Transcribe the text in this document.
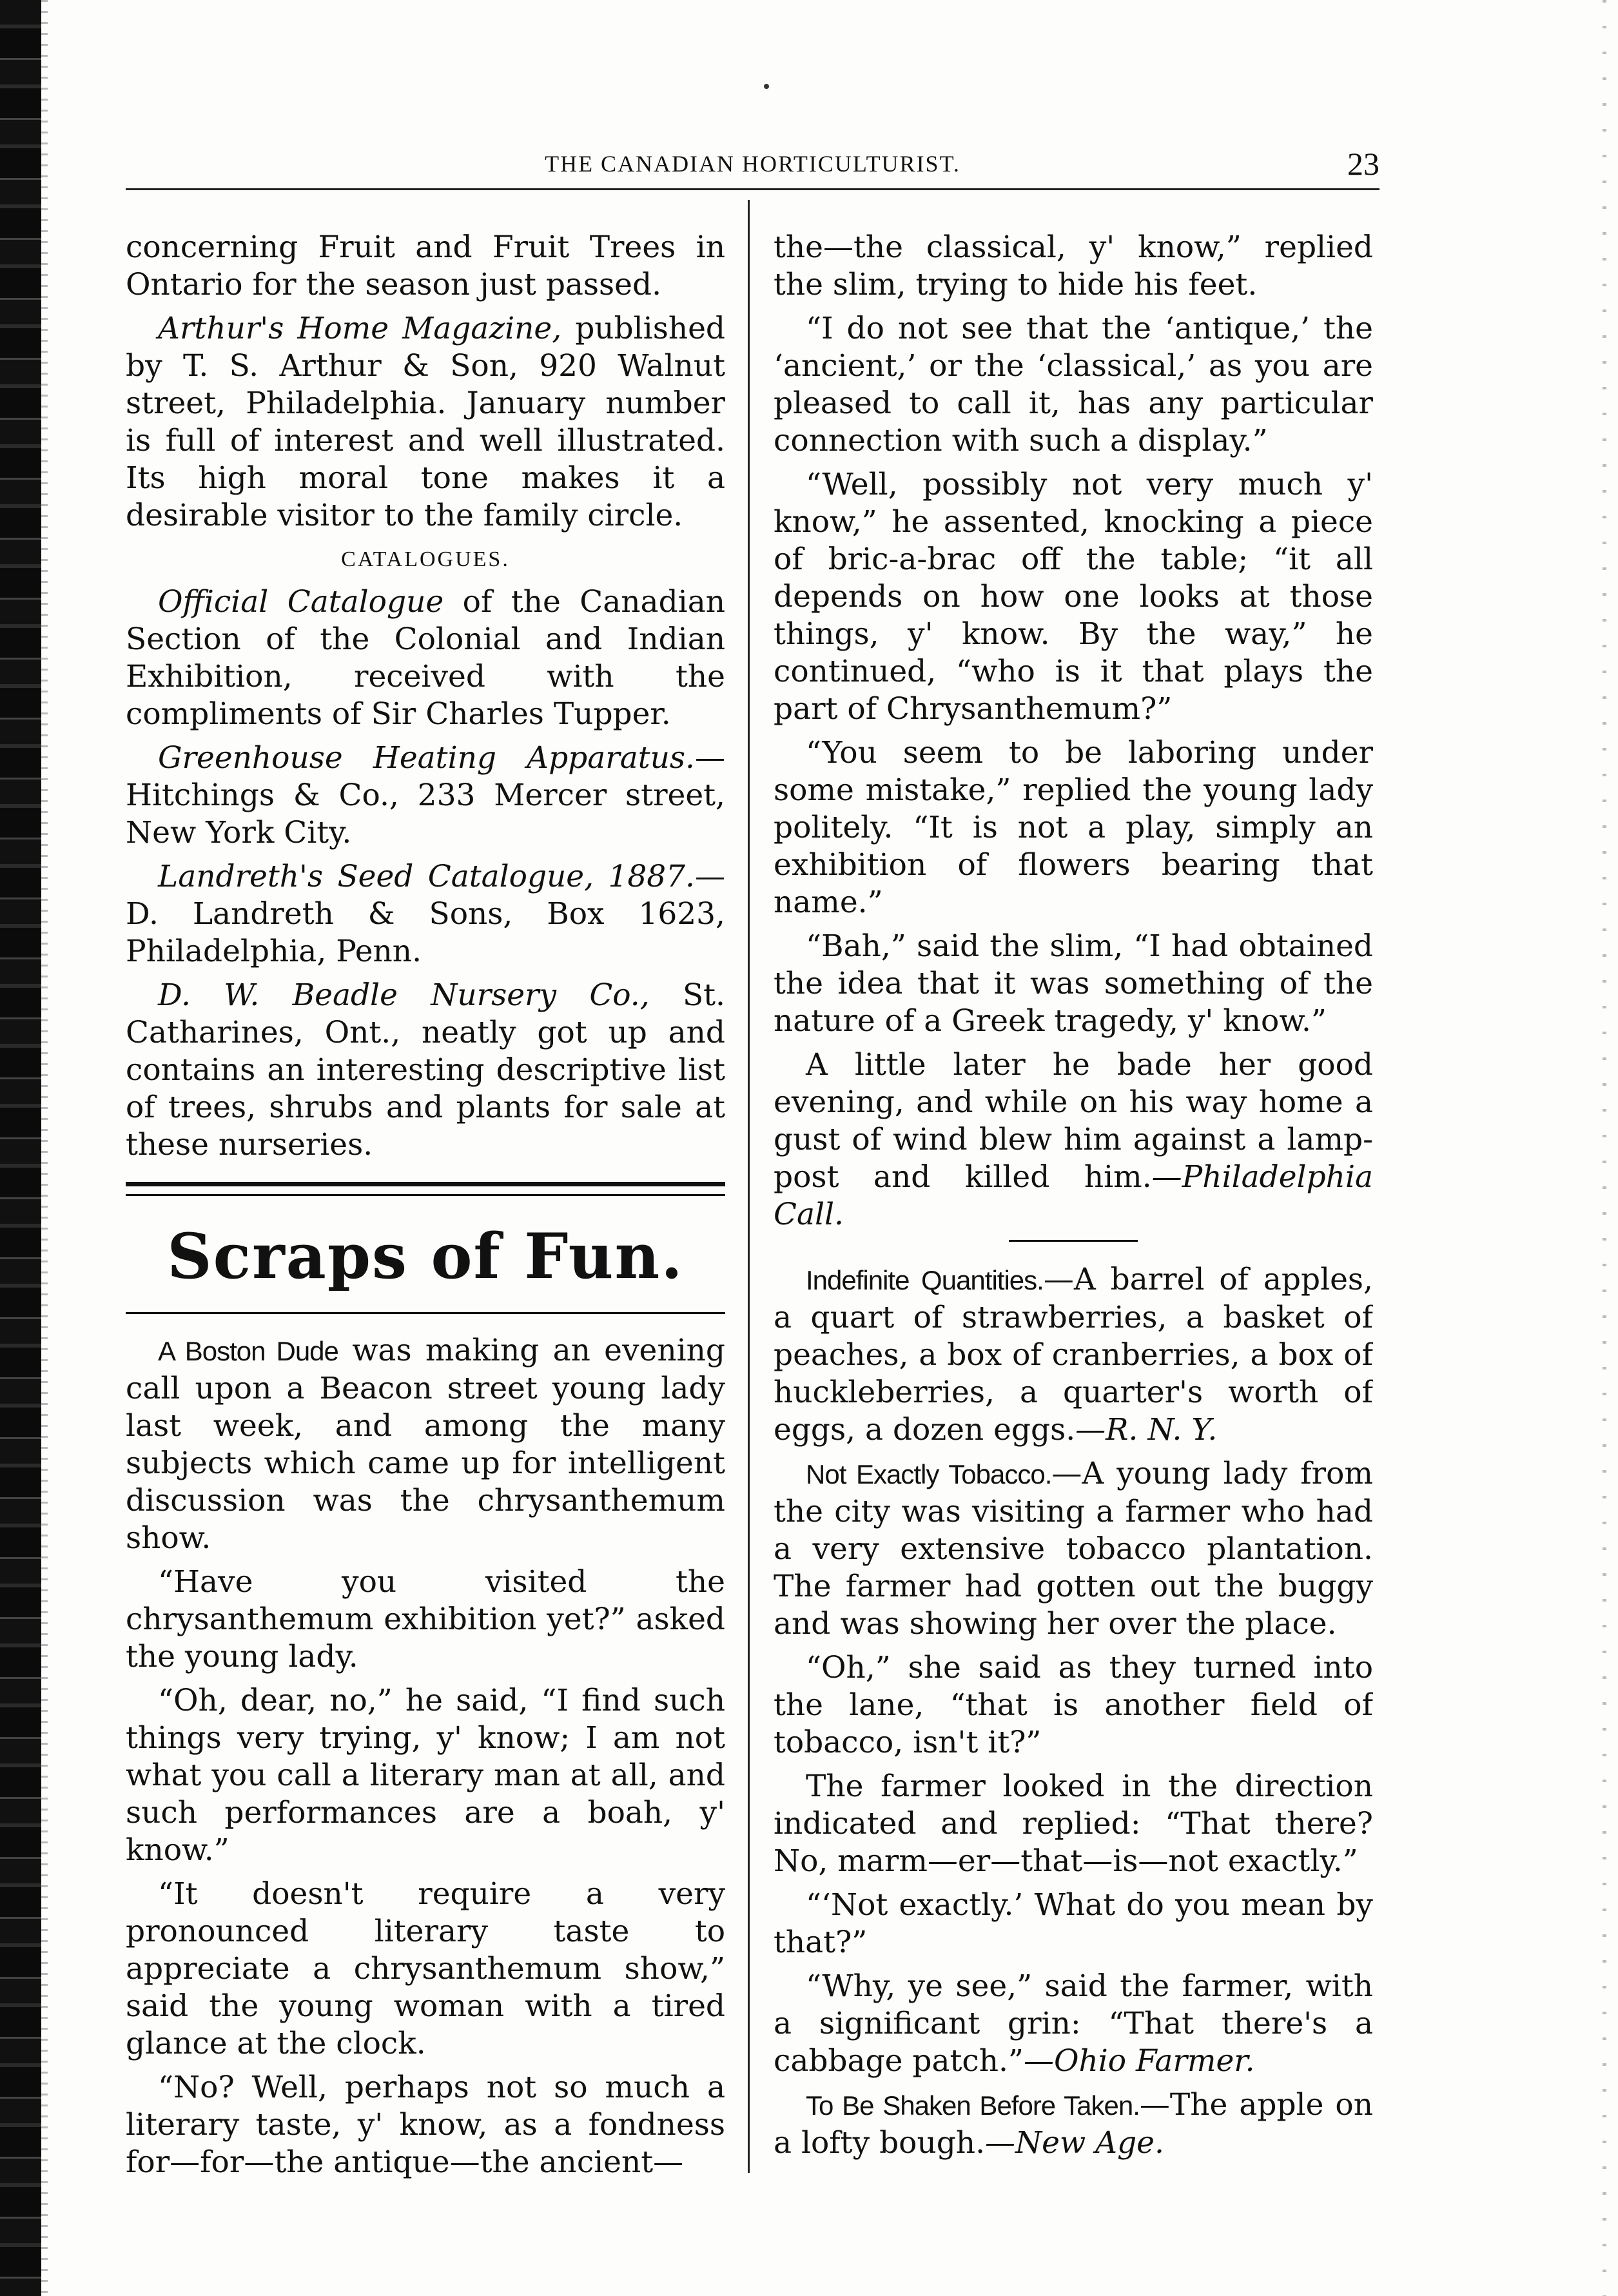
THE CANADIAN HORTICULTURIST.	23

concerning Fruit and Fruit Trees in Ontario for the season just passed.

Arthur's Home Magazine, published by T. S. Arthur & Son, 920 Walnut street, Philadelphia. January number is full of interest and well illustrated. Its high moral tone makes it a desirable visitor to the family circle.

CATALOGUES.

Official Catalogue of the Canadian Section of the Colonial and Indian Exhibition, received with the compliments of Sir Charles Tupper.

Greenhouse Heating Apparatus.— Hitchings & Co., 233 Mercer street, New York City.

Landreth's Seed Catalogue, 1887.— D. Landreth & Sons, Box 1623, Philadelphia, Penn.

D. W. Beadle Nursery Co., St. Catharines, Ont., neatly got up and contains an interesting descriptive list of trees, shrubs and plants for sale at these nurseries.

Scraps of Fun.

A Boston Dude was making an evening call upon a Beacon street young lady last week, and among the many subjects which came up for intelligent discussion was the chrysanthemum show.

“Have you visited the chrysanthemum exhibition yet?” asked the young lady.

“Oh, dear, no,” he said, “I find such things very trying, y' know; I am not what you call a literary man at all, and such performances are a boah, y' know.”

“It doesn't require a very pronounced literary taste to appreciate a chrysanthemum show,” said the young woman with a tired glance at the clock.

“No? Well, perhaps not so much a literary taste, y' know, as a fondness for—for—the antique—the ancient—

the—the classical, y' know,” replied the slim, trying to hide his feet.

“I do not see that the ‘antique,’ the ‘ancient,’ or the ‘classical,’ as you are pleased to call it, has any particular connection with such a display.”

“Well, possibly not very much y' know,” he assented, knocking a piece of bric-a-brac off the table; “it all depends on how one looks at those things, y' know. By the way,” he continued, “who is it that plays the part of Chrysanthemum?”

“You seem to be laboring under some mistake,” replied the young lady politely. “It is not a play, simply an exhibition of flowers bearing that name.”

“Bah,” said the slim, “I had obtained the idea that it was something of the nature of a Greek tragedy, y' know.”

A little later he bade her good evening, and while on his way home a gust of wind blew him against a lamp-post and killed him.—Philadelphia Call.

Indefinite Quantities.—A barrel of apples, a quart of strawberries, a basket of peaches, a box of cranberries, a box of huckleberries, a quarter's worth of eggs, a dozen eggs.—R. N. Y.

Not Exactly Tobacco.—A young lady from the city was visiting a farmer who had a very extensive tobacco plantation. The farmer had gotten out the buggy and was showing her over the place.

“Oh,” she said as they turned into the lane, “that is another field of tobacco, isn't it?”

The farmer looked in the direction indicated and replied: “That there? No, marm—er—that—is—not exactly.”

“‘Not exactly.’ What do you mean by that?”

“Why, ye see,” said the farmer, with a significant grin: “That there's a cabbage patch.”—Ohio Farmer.

To Be Shaken Before Taken.—The apple on a lofty bough.—New Age.
